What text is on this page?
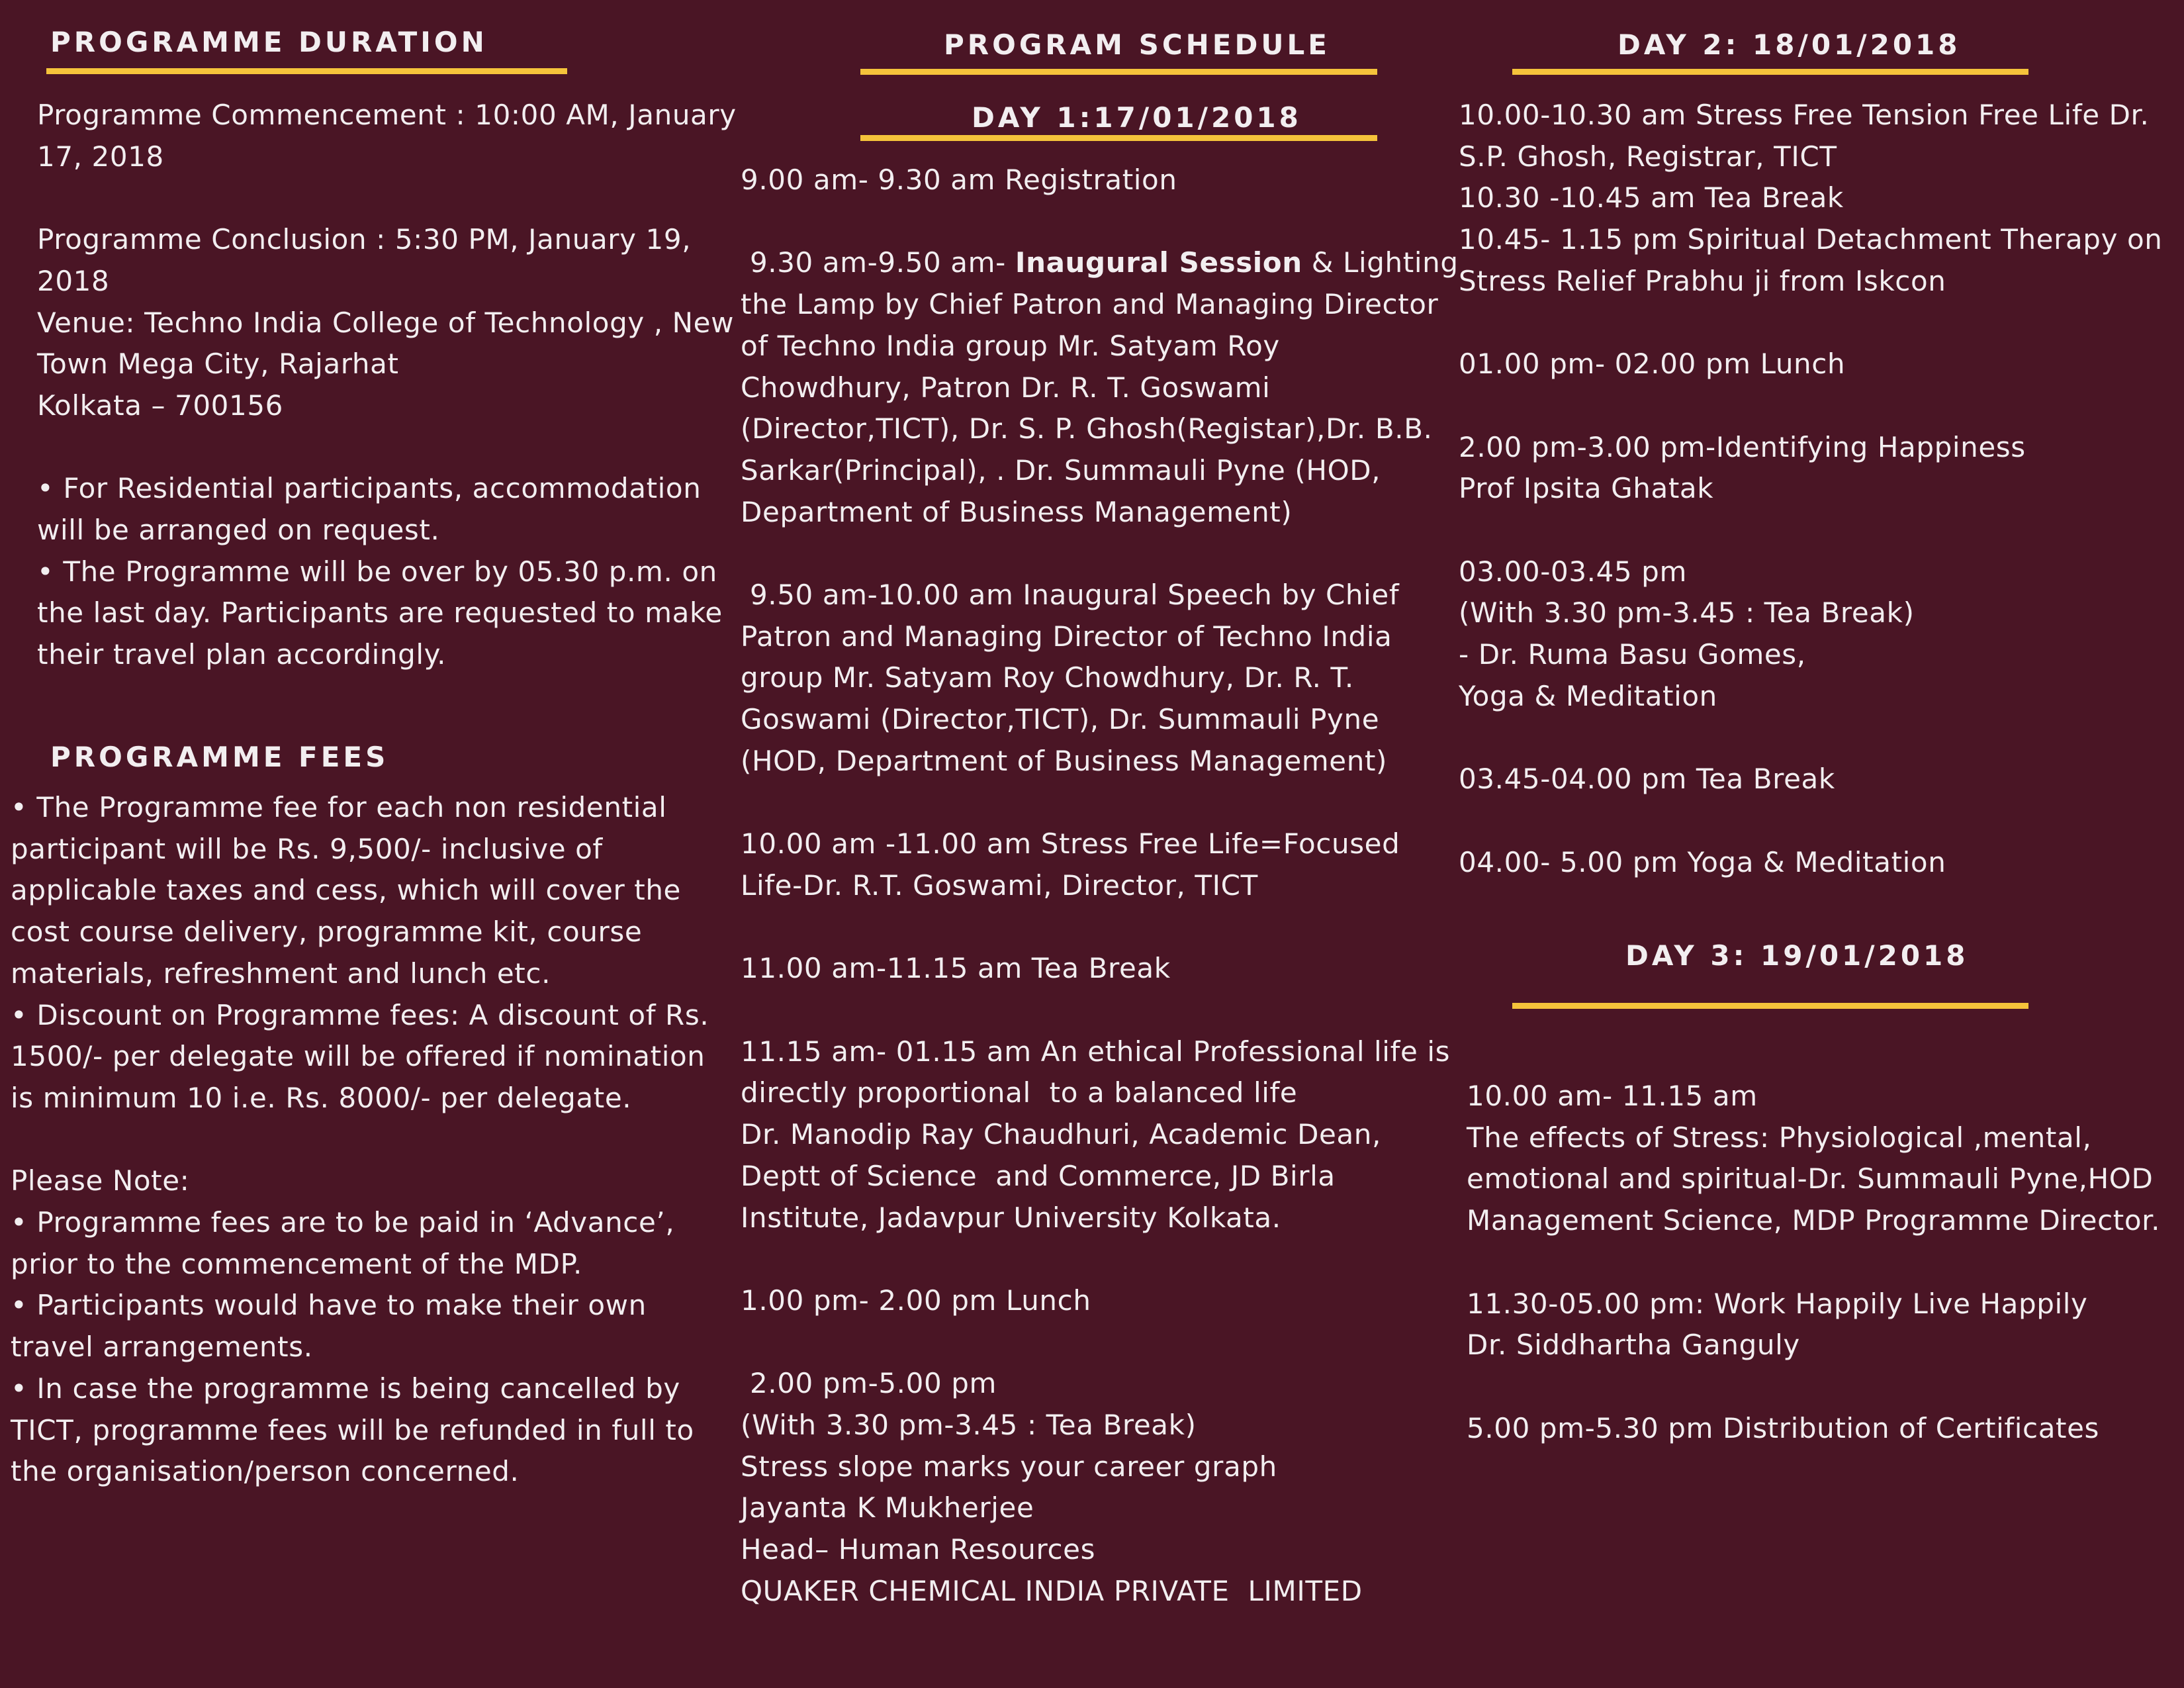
PROGRAMME DURATION
Programme Commencement : 10:00 AM, January
17, 2018
Programme Conclusion : 5:30 PM, January 19,
2018
Venue: Techno India College of Technology , New
Town Mega City, Rajarhat
Kolkata – 700156
• For Residential participants, accommodation
will be arranged on request.
• The Programme will be over by 05.30 p.m. on
the last day. Participants are requested to make
their travel plan accordingly.
PROGRAMME FEES
• The Programme fee for each non residential
participant will be Rs. 9,500/- inclusive of
applicable taxes and cess, which will cover the
cost course delivery, programme kit, course
materials, refreshment and lunch etc.
• Discount on Programme fees: A discount of Rs.
1500/- per delegate will be offered if nomination
is minimum 10 i.e. Rs. 8000/- per delegate.
Please Note:
• Programme fees are to be paid in ‘Advance’,
prior to the commencement of the MDP.
• Participants would have to make their own
travel arrangements.
• In case the programme is being cancelled by
TICT, programme fees will be refunded in full to
the organisation/person concerned.
PROGRAM SCHEDULE
DAY 1:17/01/2018
9.00 am- 9.30 am Registration
9.30 am-9.50 am- Inaugural Session & Lighting
the Lamp by Chief Patron and Managing Director
of Techno India group Mr. Satyam Roy
Chowdhury, Patron Dr. R. T. Goswami
(Director,TICT), Dr. S. P. Ghosh(Registar),Dr. B.B.
Sarkar(Principal), . Dr. Summauli Pyne (HOD,
Department of Business Management)
9.50 am-10.00 am Inaugural Speech by Chief
Patron and Managing Director of Techno India
group Mr. Satyam Roy Chowdhury, Dr. R. T.
Goswami (Director,TICT), Dr. Summauli Pyne
(HOD, Department of Business Management)
10.00 am -11.00 am Stress Free Life=Focused
Life-Dr. R.T. Goswami, Director, TICT
11.00 am-11.15 am Tea Break
11.15 am- 01.15 am An ethical Professional life is
directly proportional  to a balanced life
Dr. Manodip Ray Chaudhuri, Academic Dean,
Deptt of Science  and Commerce, JD Birla
Institute, Jadavpur University Kolkata.
1.00 pm- 2.00 pm Lunch
2.00 pm-5.00 pm
(With 3.30 pm-3.45 : Tea Break)
Stress slope marks your career graph
Jayanta K Mukherjee
Head– Human Resources
QUAKER CHEMICAL INDIA PRIVATE  LIMITED
DAY 2: 18/01/2018
10.00-10.30 am Stress Free Tension Free Life Dr.
S.P. Ghosh, Registrar, TICT
10.30 -10.45 am Tea Break
10.45- 1.15 pm Spiritual Detachment Therapy on
Stress Relief Prabhu ji from Iskcon
01.00 pm- 02.00 pm Lunch
2.00 pm-3.00 pm-Identifying Happiness
Prof Ipsita Ghatak
03.00-03.45 pm
(With 3.30 pm-3.45 : Tea Break)
- Dr. Ruma Basu Gomes,
Yoga & Meditation
03.45-04.00 pm Tea Break
04.00- 5.00 pm Yoga & Meditation
DAY 3: 19/01/2018
10.00 am- 11.15 am
The effects of Stress: Physiological ,mental,
emotional and spiritual-Dr. Summauli Pyne,HOD
Management Science, MDP Programme Director.
11.30-05.00 pm: Work Happily Live Happily
Dr. Siddhartha Ganguly
5.00 pm-5.30 pm Distribution of Certificates
